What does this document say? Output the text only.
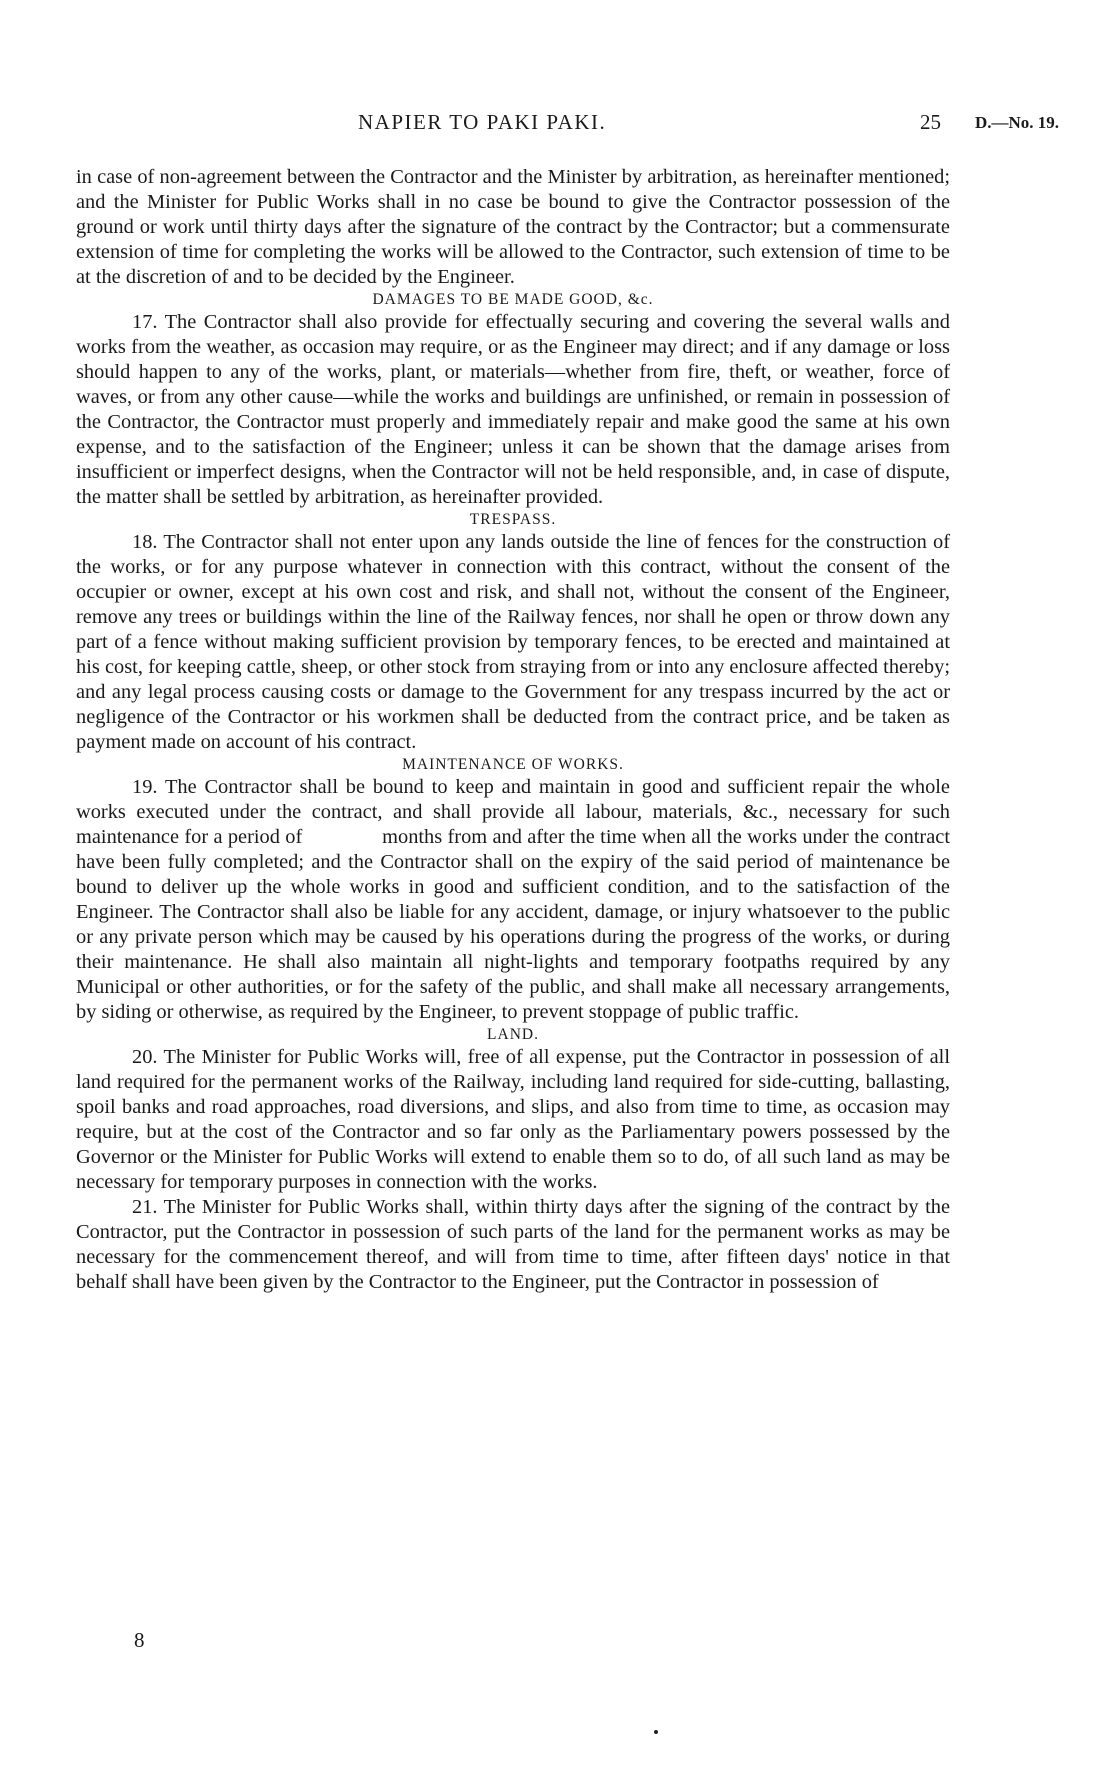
NAPIER TO PAKI PAKI.	25 D.—No. 19.

in case of non-agreement between the Contractor and the Minister by arbitration, as hereinafter mentioned; and the Minister for Public Works shall in no case be bound to give the Contractor possession of the ground or work until thirty days after the signature of the contract by the Contractor; but a commensurate extension of time for completing the works will be allowed to the Contractor, such extension of time to be at the discretion of and to be decided by the Engineer.

DAMAGES TO BE MADE GOOD, &c.

17. The Contractor shall also provide for effectually securing and covering the several walls and works from the weather, as occasion may require, or as the Engineer may direct; and if any damage or loss should happen to any of the works, plant, or materials—whether from fire, theft, or weather, force of waves, or from any other cause—while the works and buildings are unfinished, or remain in possession of the Contractor, the Contractor must properly and immediately repair and make good the same at his own expense, and to the satisfaction of the Engineer; unless it can be shown that the damage arises from insufficient or imperfect designs, when the Contractor will not be held responsible, and, in case of dispute, the matter shall be settled by arbitration, as hereinafter provided.

TRESPASS.

18. The Contractor shall not enter upon any lands outside the line of fences for the construction of the works, or for any purpose whatever in connection with this contract, without the consent of the occupier or owner, except at his own cost and risk, and shall not, without the consent of the Engineer, remove any trees or buildings within the line of the Railway fences, nor shall he open or throw down any part of a fence without making sufficient provision by temporary fences, to be erected and maintained at his cost, for keeping cattle, sheep, or other stock from straying from or into any enclosure affected thereby; and any legal process causing costs or damage to the Government for any trespass incurred by the act or negligence of the Contractor or his workmen shall be deducted from the contract price, and be taken as payment made on account of his contract.

MAINTENANCE OF WORKS.

19. The Contractor shall be bound to keep and maintain in good and sufficient repair the whole works executed under the contract, and shall provide all labour, materials, &c., necessary for such maintenance for a period of               months from and after the time when all the works under the contract have been fully completed; and the Contractor shall on the expiry of the said period of maintenance be bound to deliver up the whole works in good and sufficient condition, and to the satisfaction of the Engineer. The Contractor shall also be liable for any accident, damage, or injury whatsoever to the public or any private person which may be caused by his operations during the progress of the works, or during their maintenance. He shall also maintain all night-lights and temporary footpaths required by any Municipal or other authorities, or for the safety of the public, and shall make all necessary arrangements, by siding or otherwise, as required by the Engineer, to prevent stoppage of public traffic.

LAND.

20. The Minister for Public Works will, free of all expense, put the Contractor in possession of all land required for the permanent works of the Railway, including land required for side-cutting, ballasting, spoil banks and road approaches, road diversions, and slips, and also from time to time, as occasion may require, but at the cost of the Contractor and so far only as the Parliamentary powers possessed by the Governor or the Minister for Public Works will extend to enable them so to do, of all such land as may be necessary for temporary purposes in connection with the works.

21. The Minister for Public Works shall, within thirty days after the signing of the contract by the Contractor, put the Contractor in possession of such parts of the land for the permanent works as may be necessary for the commencement thereof, and will from time to time, after fifteen days' notice in that behalf shall have been given by the Contractor to the Engineer, put the Contractor in possession of

8
